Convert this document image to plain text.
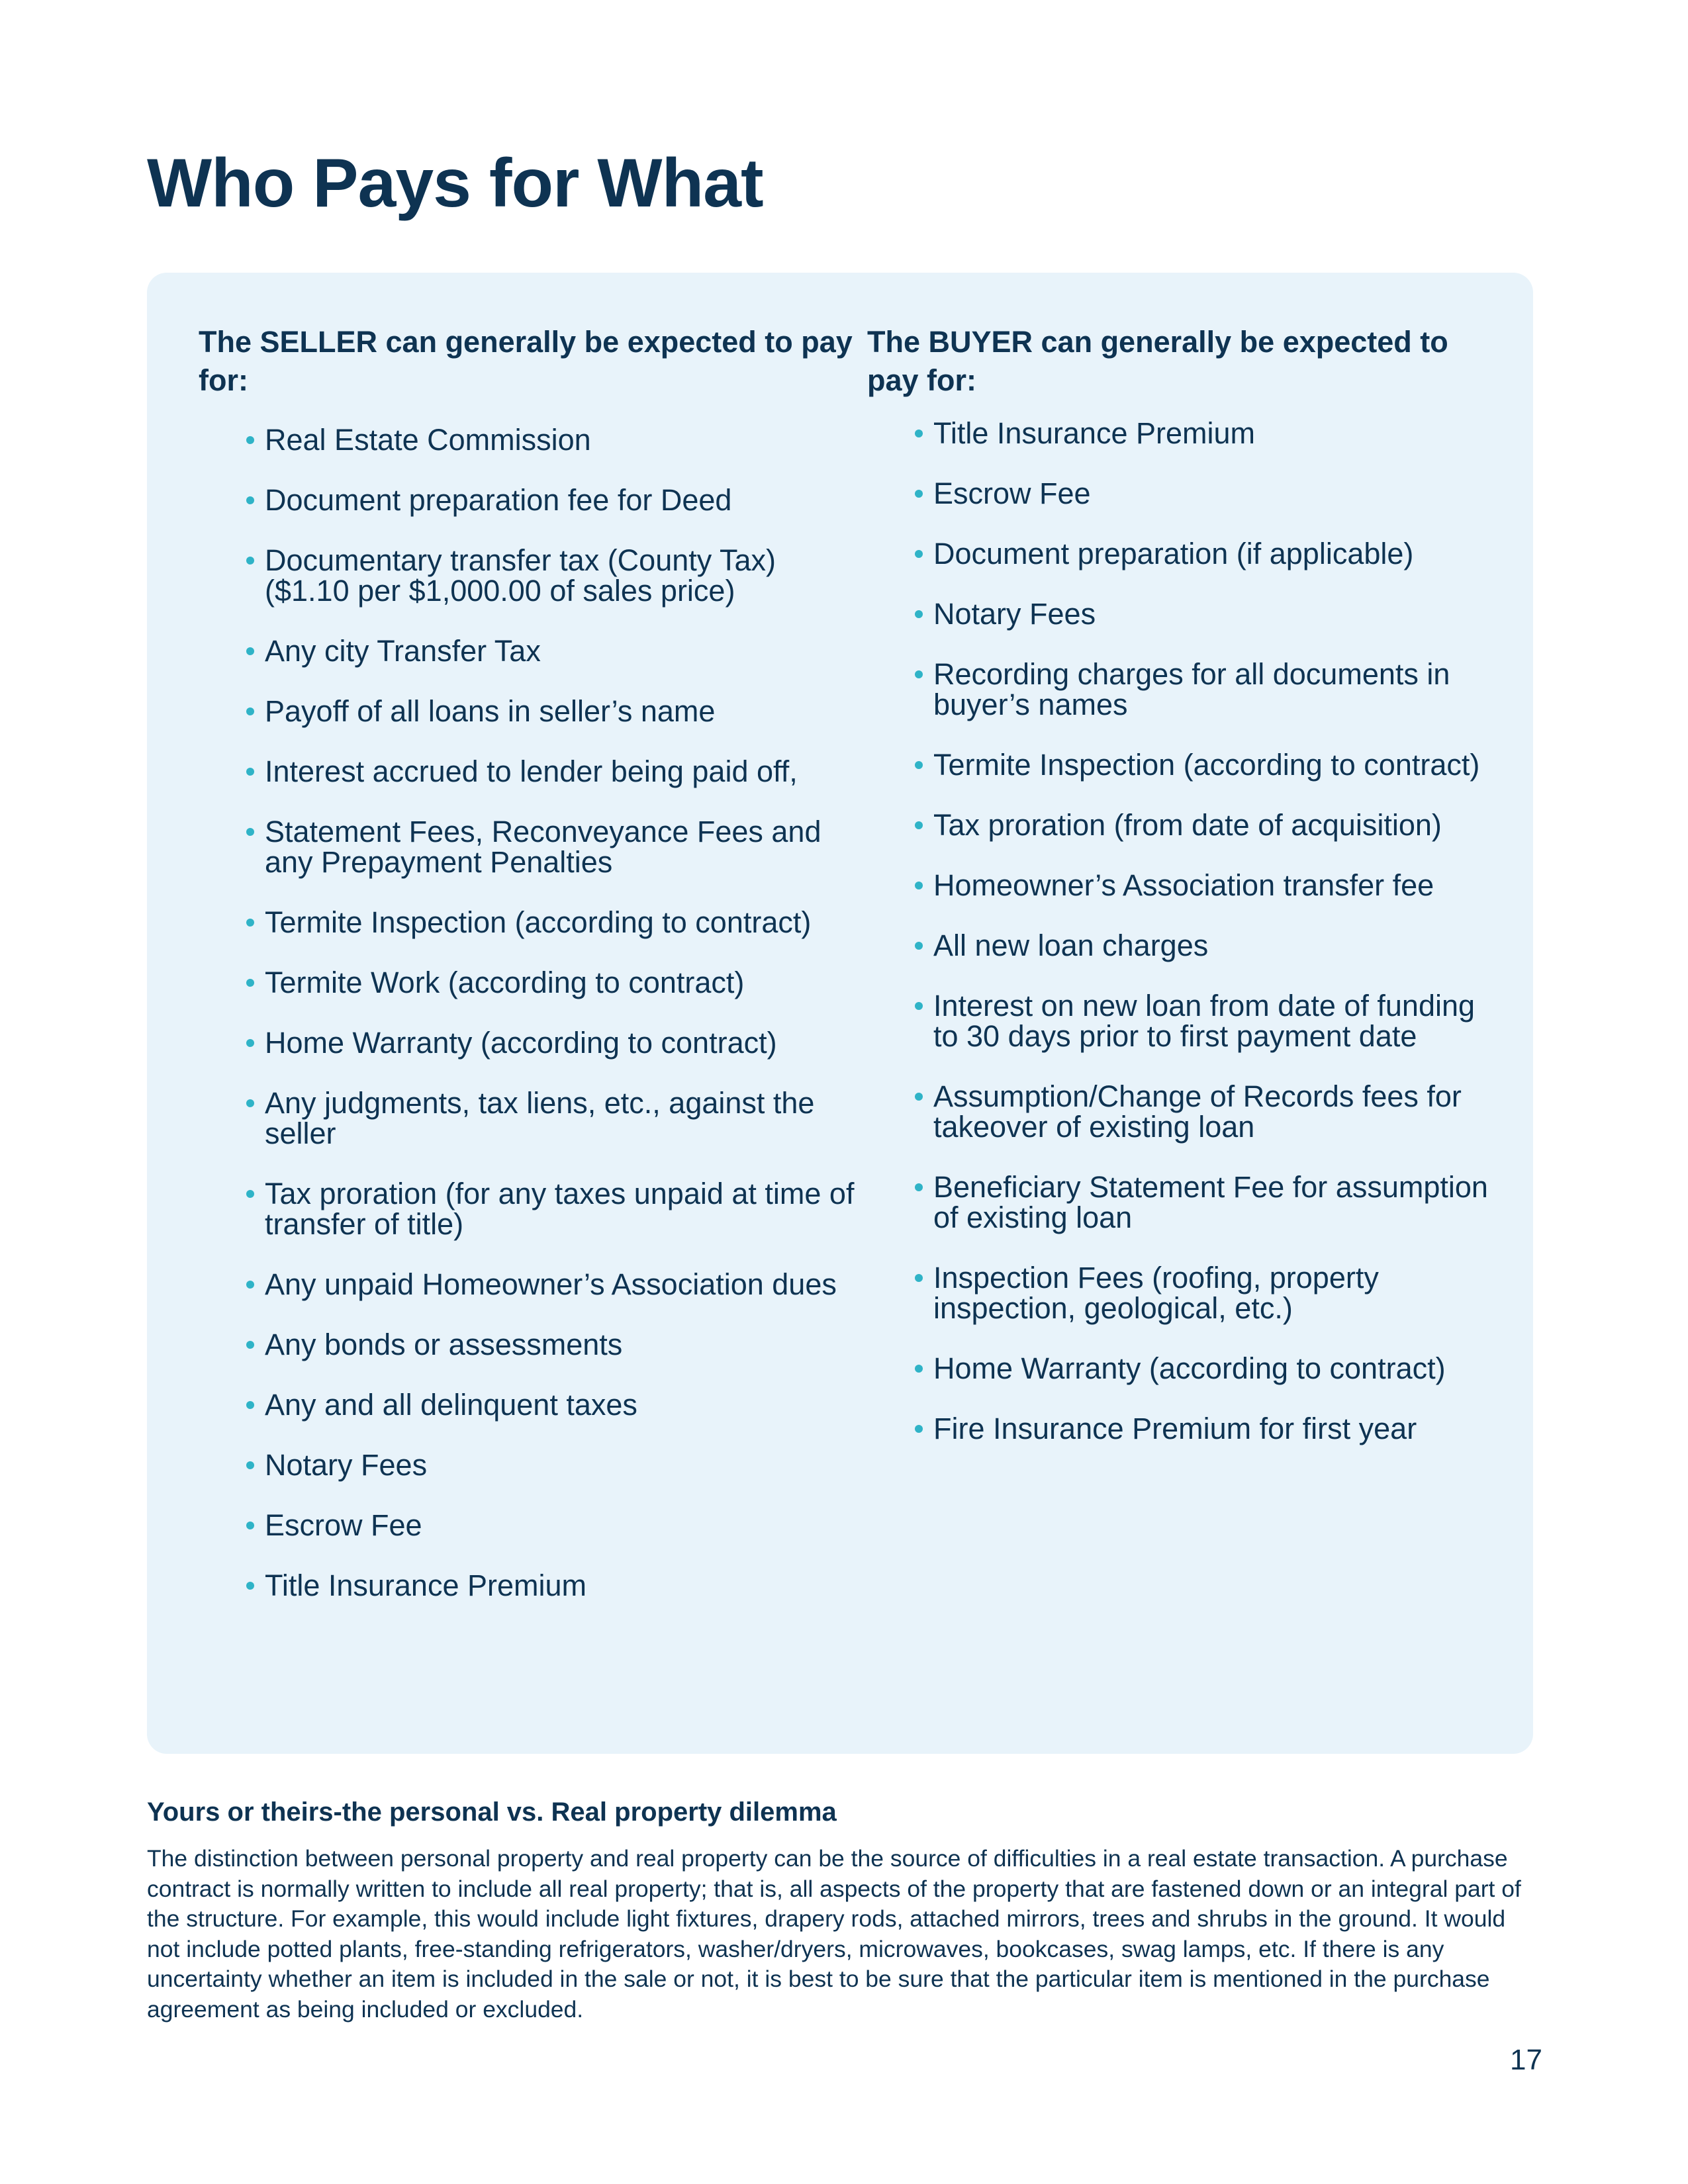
Who Pays for What
The SELLER can generally be expected to pay for:
Real Estate Commission
Document preparation fee for Deed
Documentary transfer tax (County Tax) ($1.10 per $1,000.00 of sales price)
Any city Transfer Tax
Payoff of all loans in seller’s name
Interest accrued to lender being paid off,
Statement Fees, Reconveyance Fees and any Prepayment Penalties
Termite Inspection (according to contract)
Termite Work (according to contract)
Home Warranty (according to contract)
Any judgments, tax liens, etc., against the seller
Tax proration (for any taxes unpaid at time of transfer of title)
Any unpaid Homeowner’s Association dues
Any bonds or assessments
Any and all delinquent taxes
Notary Fees
Escrow Fee
Title Insurance Premium
The BUYER can generally be expected to pay for:
Title Insurance Premium
Escrow Fee
Document preparation (if applicable)
Notary Fees
Recording charges for all documents in buyer’s names
Termite Inspection (according to contract)
Tax proration (from date of acquisition)
Homeowner’s Association transfer fee
All new loan charges
Interest on new loan from date of funding to 30 days prior to first payment date
Assumption/Change of Records fees for takeover of existing loan
Beneficiary Statement Fee for assumption of existing loan
Inspection Fees (roofing, property inspection, geological, etc.)
Home Warranty (according to contract)
Fire Insurance Premium for first year
Yours or theirs-the personal vs. Real property dilemma

The distinction between personal property and real property can be the source of difficulties in a real estate transaction. A purchase contract is normally written to include all real property; that is, all aspects of the property that are fastened down or an integral part of the structure. For example, this would include light fixtures, drapery rods, attached mirrors, trees and shrubs in the ground. It would not include potted plants, free-standing refrigerators, washer/dryers, microwaves, bookcases, swag lamps, etc. If there is any uncertainty whether an item is included in the sale or not, it is best to be sure that the particular item is mentioned in the purchase agreement as being included or excluded.

17
